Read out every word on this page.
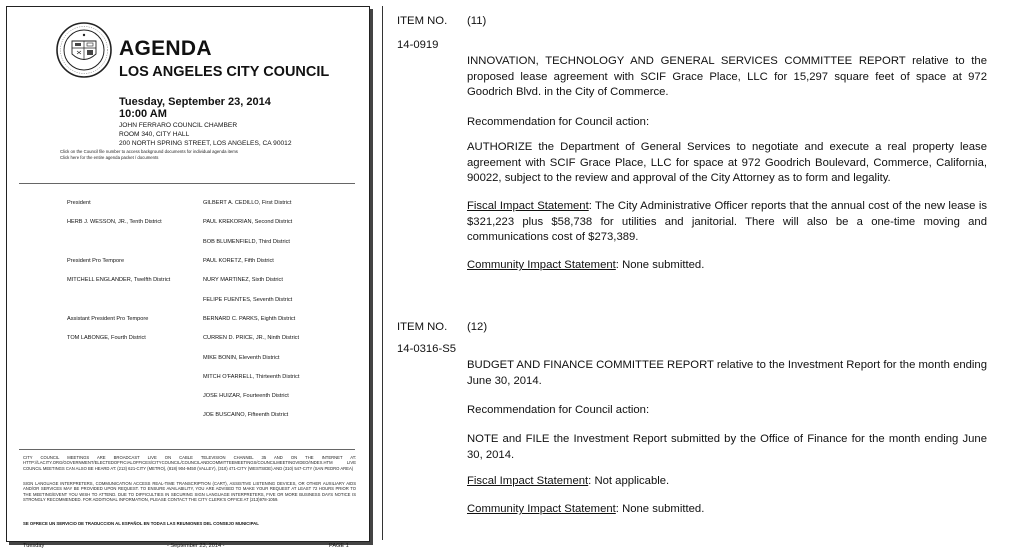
AGENDA
LOS ANGELES CITY COUNCIL
Tuesday, September 23, 2014
10:00 AM
JOHN FERRARO COUNCIL CHAMBER
ROOM 340, CITY HALL
200 NORTH SPRING STREET, LOS ANGELES, CA 90012
Click on the Council file number to access background documents for individual agenda items
Click here for the entire agenda packet / documents
President
HERB J. WESSON, JR., Tenth District
President Pro Tempore
MITCHELL ENGLANDER, Twelfth District
Assistant President Pro Tempore
TOM LABONGE, Fourth District
GILBERT A. CEDILLO, First District
PAUL KREKORIAN, Second District
BOB BLUMENFIELD, Third District
PAUL KORETZ, Fifth District
NURY MARTINEZ, Sixth District
FELIPE FUENTES, Seventh District
BERNARD C. PARKS, Eighth District
CURREN D. PRICE, JR., Ninth District
MIKE BONIN, Eleventh District
MITCH O'FARRELL, Thirteenth District
JOSE HUIZAR, Fourteenth District
JOE BUSCAINO, Fifteenth District
CITY COUNCIL MEETINGS ARE BROADCAST LIVE ON CABLE TELEVISION CHANNEL 35 AND ON THE INTERNET AT: HTTP://LACITY.ORG/GOVERNMENT/ELECTEDOFFICIALOFFICES/CITYCOUNCIL/COUNCILANDCOMMITTEEMEETINGS/COUNCILMEETINGVIDEO/INDEX.HTM LIVE COUNCIL MEETINGS CAN ALSO BE HEARD AT: (213) 621-CITY (METRO), (818) 904-9450 (VALLEY), (310) 471-CITY (WESTSIDE) AND (310) 547-CITY (SAN PEDRO AREA)
SIGN LANGUAGE INTERPRETERS, COMMUNICATION ACCESS REAL-TIME TRANSCRIPTION (CART), ASSISTIVE LISTENING DEVICES, OR OTHER AUXILIARY AIDS AND/OR SERVICES MAY BE PROVIDED UPON REQUEST. TO ENSURE AVAILABILITY, YOU ARE ADVISED TO MAKE YOUR REQUEST AT LEAST 72 HOURS PRIOR TO THE MEETING/EVENT YOU WISH TO ATTEND. DUE TO DIFFICULTIES IN SECURING SIGN LANGUAGE INTERPRETERS, FIVE OR MORE BUSINESS DAYS NOTICE IS STRONGLY RECOMMENDED. FOR ADDITIONAL INFORMATION, PLEASE CONTACT THE CITY CLERK'S OFFICE AT (213)978-1059.
SE OFRECE UN SERVICIO DE TRADUCCION AL ESPAÑOL EN TODAS LAS REUNIONES DEL CONSEJO MUNICIPAL
Tuesday	- September 23, 2014 -	PAGE 1
ITEM NO. (11)
14-0919
INNOVATION, TECHNOLOGY AND GENERAL SERVICES COMMITTEE REPORT relative to the proposed lease agreement with SCIF Grace Place, LLC for 15,297 square feet of space at 972 Goodrich Blvd. in the City of Commerce.
Recommendation for Council action:
AUTHORIZE the Department of General Services to negotiate and execute a real property lease agreement with SCIF Grace Place, LLC for space at 972 Goodrich Boulevard, Commerce, California, 90022, subject to the review and approval of the City Attorney as to form and legality.
Fiscal Impact Statement: The City Administrative Officer reports that the annual cost of the new lease is $321,223 plus $58,738 for utilities and janitorial. There will also be a one-time moving and communications cost of $273,389.
Community Impact Statement: None submitted.
ITEM NO. (12)
14-0316-S5
BUDGET AND FINANCE COMMITTEE REPORT relative to the Investment Report for the month ending June 30, 2014.
Recommendation for Council action:
NOTE and FILE the Investment Report submitted by the Office of Finance for the month ending June 30, 2014.
Fiscal Impact Statement: Not applicable.
Community Impact Statement: None submitted.
